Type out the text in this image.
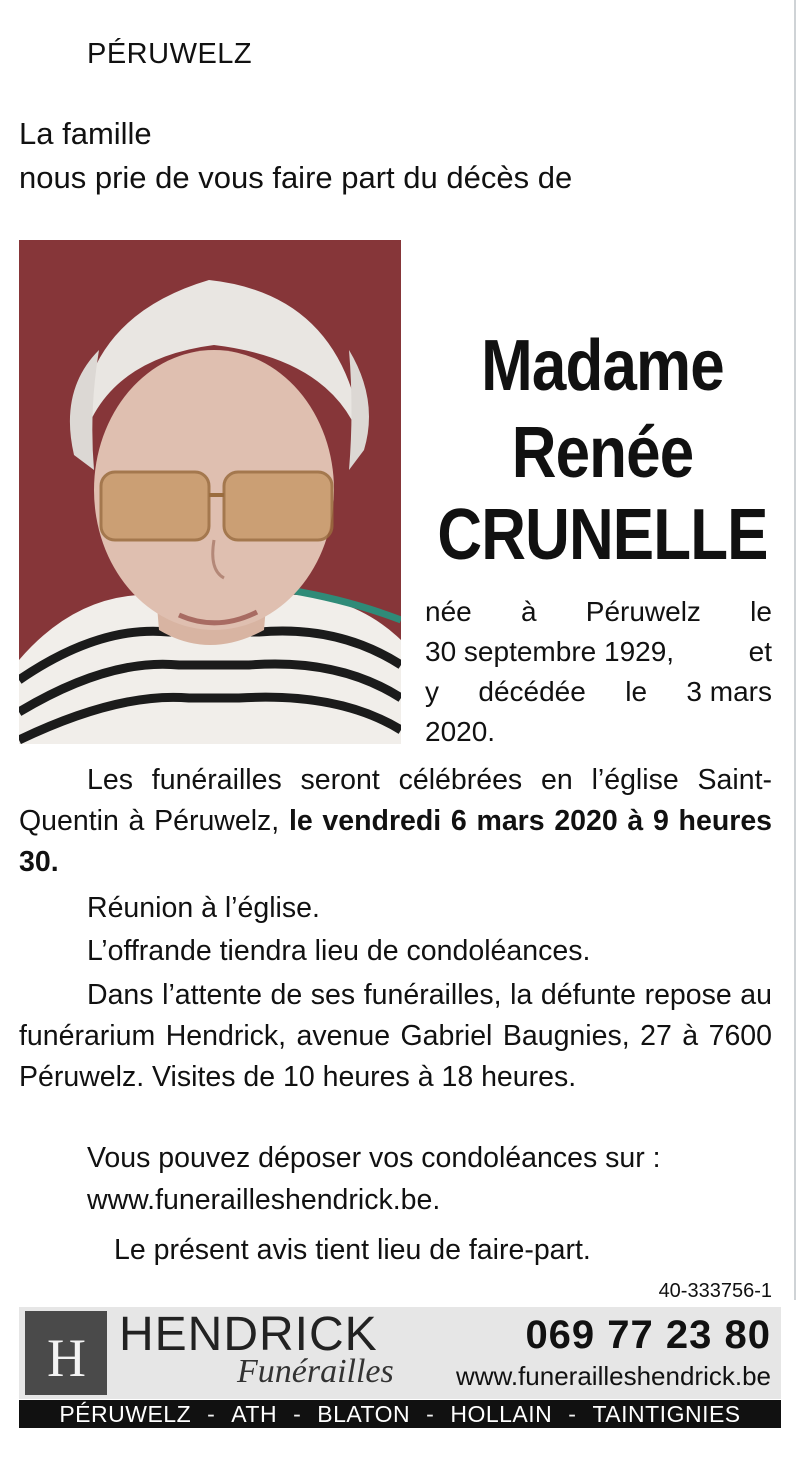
PÉRUWELZ
La famille
nous prie de vous faire part du décès de
Madame
Renée
CRUNELLE
née à Péruwelz le
30 septembre 1929,	et
y décédée le 3 mars
2020.
Les funérailles seront célébrées en l’église Saint-Quentin à Péruwelz, le vendredi 6 mars 2020 à 9 heures 30.
Réunion à l’église.
L’offrande tiendra lieu de condoléances.
Dans l’attente de ses funérailles, la défunte repose au funérarium Hendrick, avenue Gabriel Baugnies, 27 à 7600 Péruwelz. Visites de 10 heures à 18 heures.
Vous pouvez déposer vos condoléances sur :
www.funerailleshendrick.be.
Le présent avis tient lieu de faire-part.
40-333756-1
H HENDRICK
Funérailles
069 77 23 80
www.funerailleshendrick.be
PÉRUWELZ - ATH - BLATON - HOLLAIN - TAINTIGNIES
